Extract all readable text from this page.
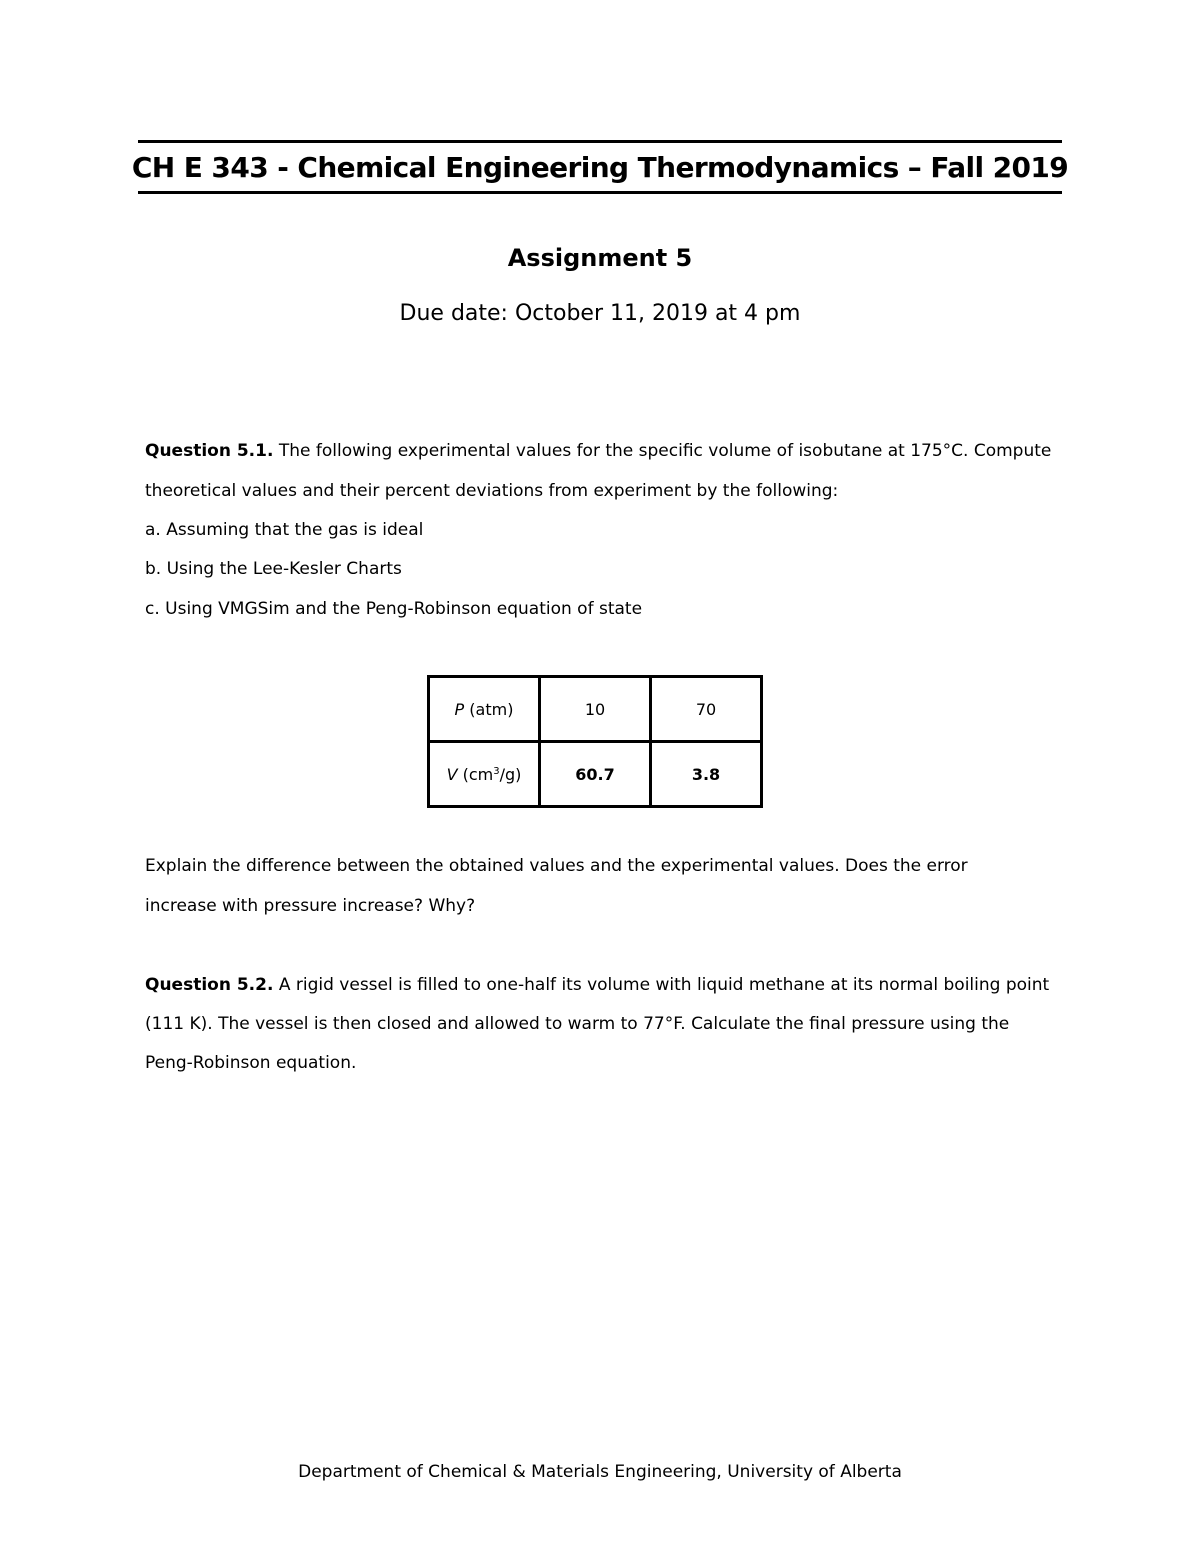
CH E 343 - Chemical Engineering Thermodynamics – Fall 2019
Assignment 5
Due date: October 11, 2019 at 4 pm
Question 5.1. The following experimental values for the specific volume of isobutane at 175°C. Compute
theoretical values and their percent deviations from experiment by the following:
a. Assuming that the gas is ideal
b. Using the Lee-Kesler Charts
c. Using VMGSim and the Peng-Robinson equation of state
P (atm)	10	70
V $(cm^3/g)$	60.7	3.8
Explain the difference between the obtained values and the experimental values. Does the error
increase with pressure increase? Why?
Question 5.2. A rigid vessel is filled to one-half its volume with liquid methane at its normal boiling point
(111 K). The vessel is then closed and allowed to warm to 77°F. Calculate the final pressure using the
Peng-Robinson equation.
Department of Chemical & Materials Engineering, University of Alberta
